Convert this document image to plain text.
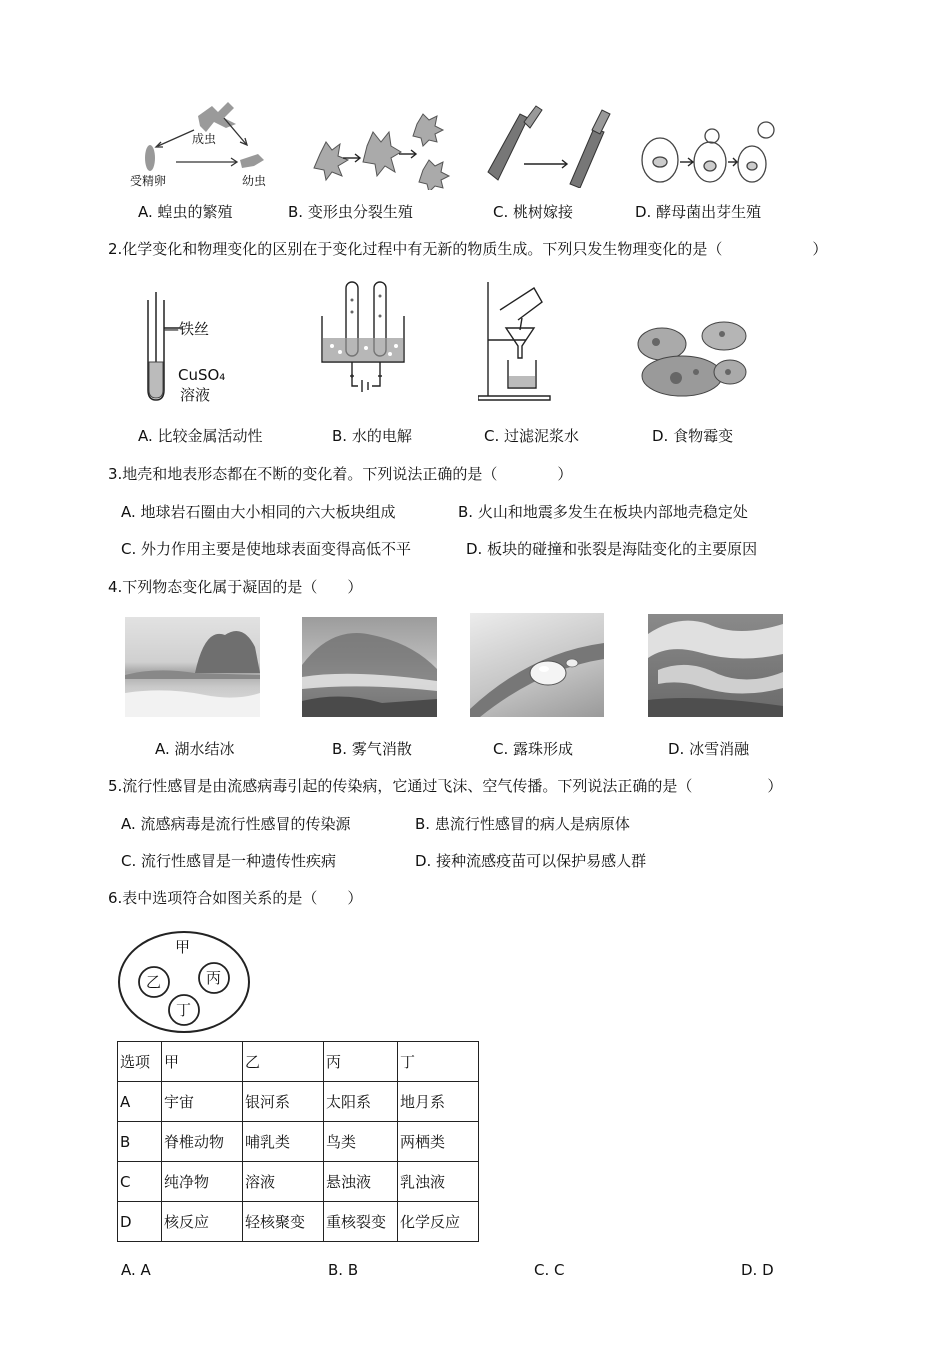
成虫
受精卵	幼虫
A. 蝗虫的繁殖	B. 变形虫分裂生殖	C. 桃树嫁接	D. 酵母菌出芽生殖
2.化学变化和物理变化的区别在于变化过程中有无新的物质生成。下列只发生物理变化的是（　　　　　　）
—铁丝
CuSO₄
溶液
A. 比较金属活动性	B. 水的电解	C. 过滤泥浆水	D. 食物霉变
3.地壳和地表形态都在不断的变化着。下列说法正确的是（　　　　）
A. 地球岩石圈由大小相同的六大板块组成	B. 火山和地震多发生在板块内部地壳稳定处
C. 外力作用主要是使地球表面变得高低不平	D. 板块的碰撞和张裂是海陆变化的主要原因
4.下列物态变化属于凝固的是（　　）
A. 湖水结冰	B. 雾气消散	C. 露珠形成	D. 冰雪消融
5.流行性感冒是由流感病毒引起的传染病，它通过飞沫、空气传播。下列说法正确的是（　　　　　）
A. 流感病毒是流行性感冒的传染源	B. 患流行性感冒的病人是病原体
C. 流行性感冒是一种遗传性疾病	D. 接种流感疫苗可以保护易感人群
6.表中选项符合如图关系的是（　　）
甲
乙	丙
丁
选项	甲	乙	丙	丁
A	宇宙	银河系	太阳系	地月系
B	脊椎动物	哺乳类	鸟类	两栖类
C	纯净物	溶液	悬浊液	乳浊液
D	核反应	轻核聚变	重核裂变	化学反应
A. A	B. B	C. C	D. D
